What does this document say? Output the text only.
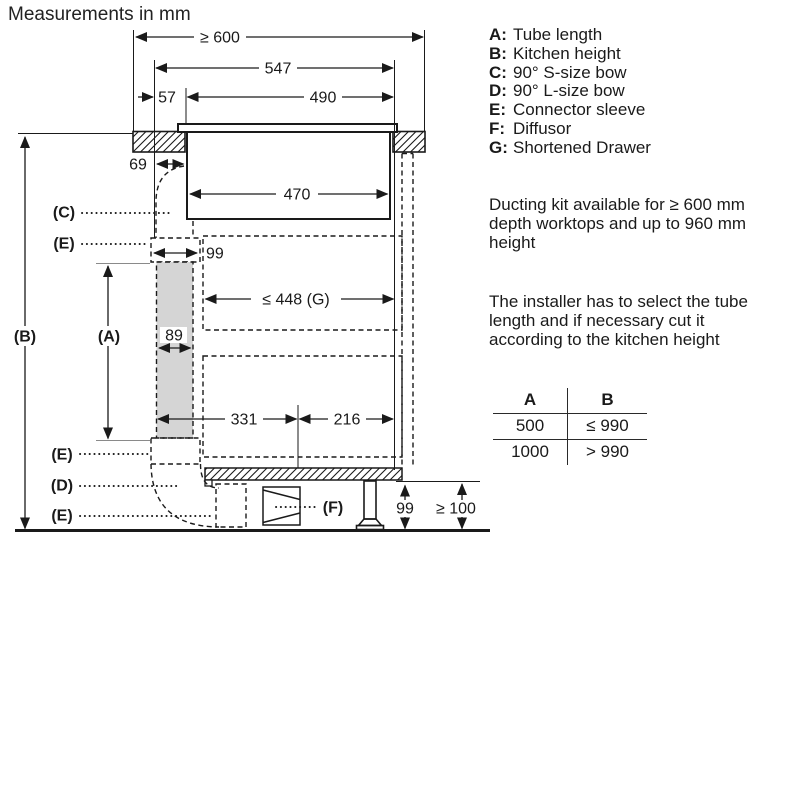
Measurements in mm
≥ 600
547
57	490
69
470
99
≤ 448 (G)
89
331	216
99 ≥ 100
(B)	(A)
(C)
(E)
(E)
(D)
(E)	(F)
A: Tube length
B: Kitchen height
C: 90° S-size bow
D: 90° L-size bow
E: Connector sleeve
F: Diffusor
G: Shortened Drawer
Ducting kit available for ≥ 600 mm
depth worktops and up to 960 mm
height
The installer has to select the tube
length and if necessary cut it
according to the kitchen height
A	B
500	≤ 990
1000	> 990
